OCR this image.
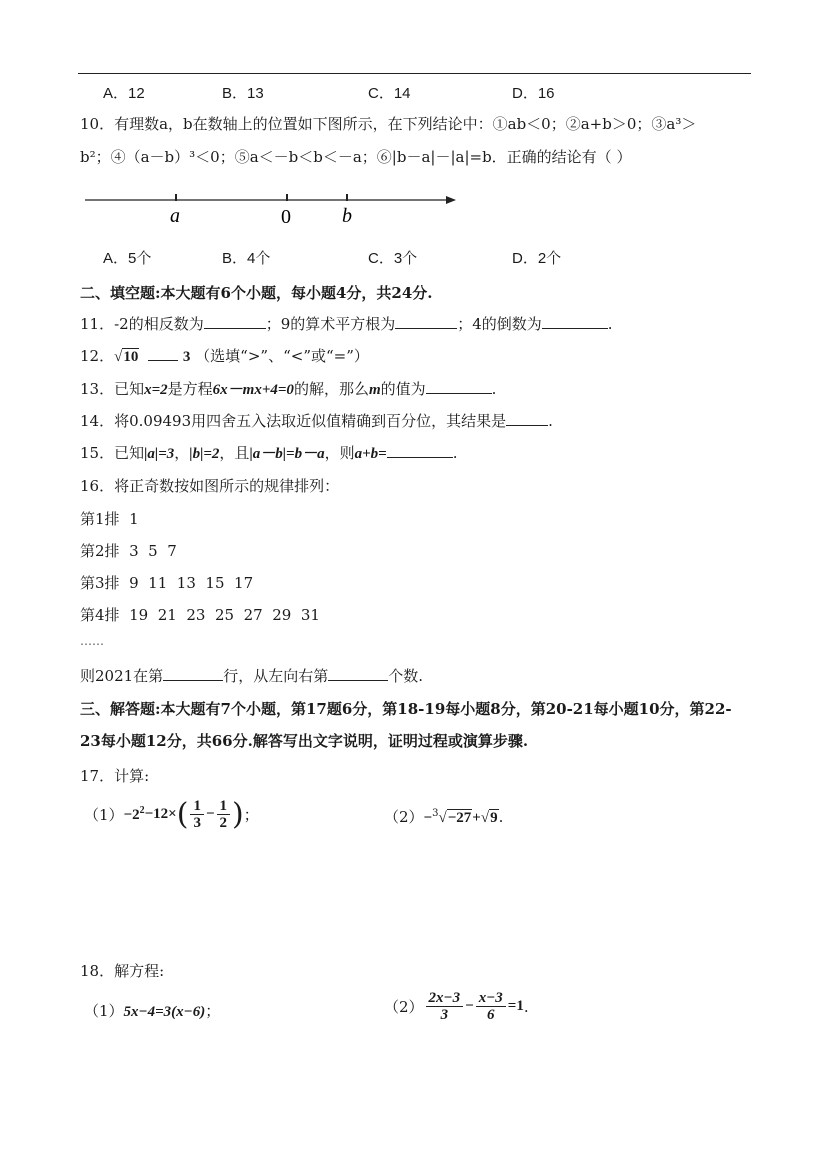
A．12	B．13	C．14	D．16
10．有理数a，b在数轴上的位置如下图所示，在下列结论中：①ab＜0；②a+b＞0；③a³＞
b²；④（a－b）³＜0；⑤a＜－b＜b＜－a；⑥|b－a|－|a|=b．正确的结论有（ ）
a	0	b
A．5个	B．4个	C．3个	D．2个
二、填空题:本大题有6个小题，每小题4分，共24分.
11．-2的相反数为	；9的算术平方根为	；4的倒数为	.
12．√10	3 （选填“>”、“<”或“=”）
13．已知x=2是方程6x－mx+4=0的解，那么m的值为	.
14．将0.09493用四舍五入法取近似值精确到百分位，其结果是	.
15．已知|a|=3，|b|=2，且|a－b|=b－a，则a+b=	.
16．将正奇数按如图所示的规律排列：
第1排  1
第2排  3  5  7
第3排  9  11  13  15  17
第4排  19  21  23  25  27  29  31
……
则2021在第	行，从左向右第	个数.
三、解答题:本大题有7个小题，第17题6分，第18-19每小题8分，第20-21每小题10分，第22-
23每小题12分，共66分.解答写出文字说明，证明过程或演算步骤.
17．计算:
$(1) -2^2 -12\times$ ( $\frac{1}{3} - \frac{1}{2}$ ) ；	（2）−$^3$√−27+√9.
18．解方程:
（1）5x−4=3(x−6)；	$(2) \frac{2x-3}{3} - \frac{x-3}{6} =1$ .
